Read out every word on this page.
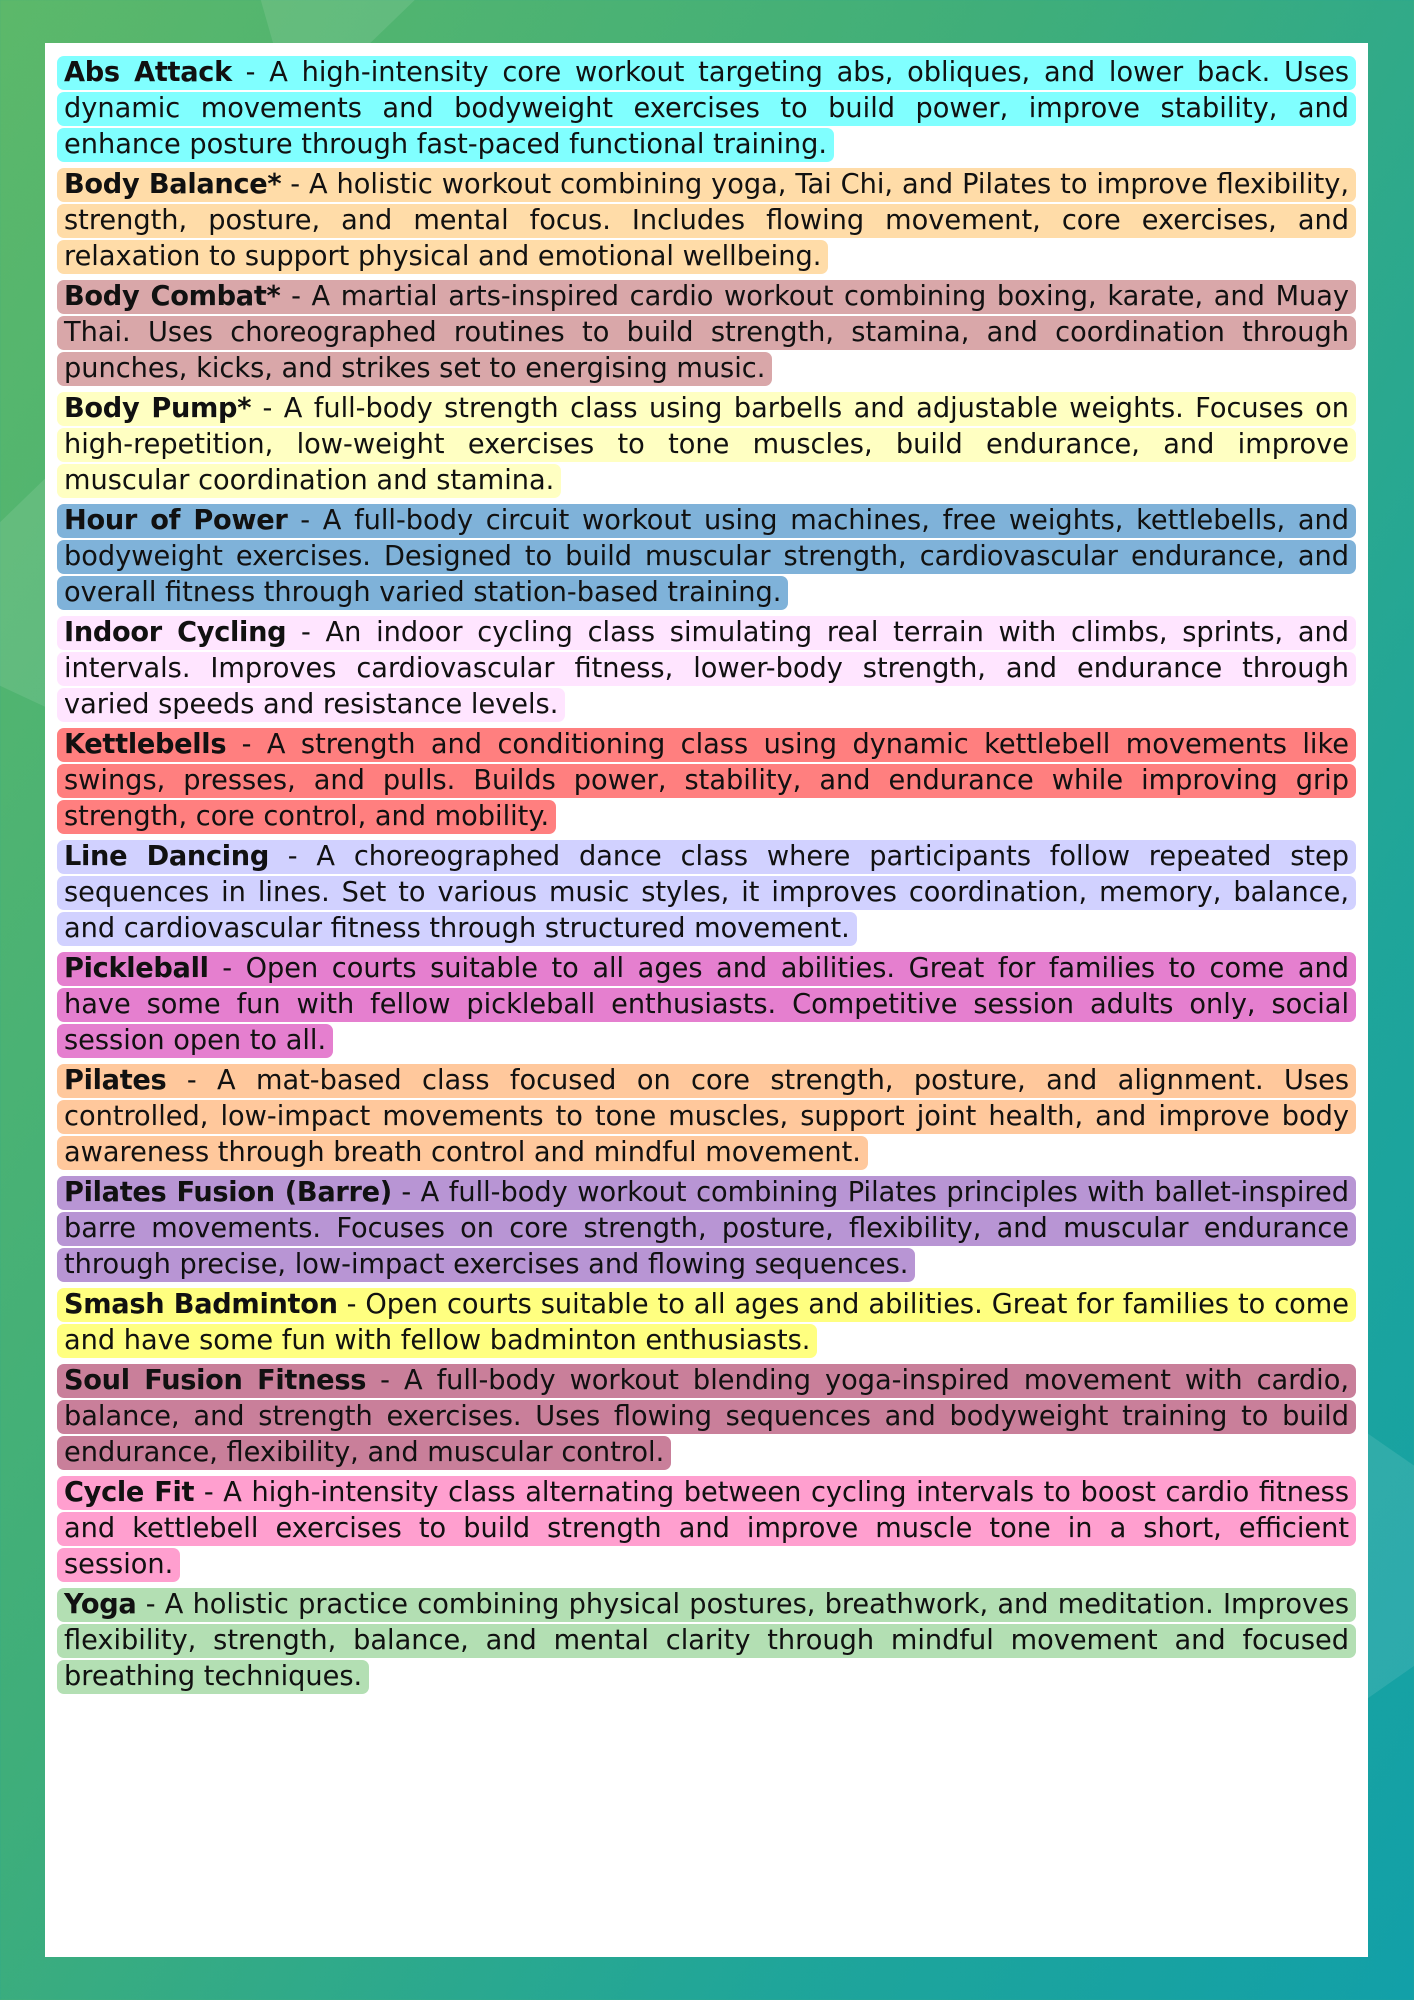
Abs Attack - A high-intensity core workout targeting abs, obliques, and lower back. Uses dynamic movements and bodyweight exercises to build power, improve stability, and enhance posture through fast-paced functional training.
Body Balance* - A holistic workout combining yoga, Tai Chi, and Pilates to improve flexibility, strength, posture, and mental focus. Includes flowing movement, core exercises, and relaxation to support physical and emotional wellbeing.
Body Combat* - A martial arts-inspired cardio workout combining boxing, karate, and Muay Thai. Uses choreographed routines to build strength, stamina, and coordination through punches, kicks, and strikes set to energising music.
Body Pump* - A full-body strength class using barbells and adjustable weights. Focuses on high-repetition, low-weight exercises to tone muscles, build endurance, and improve muscular coordination and stamina.
Hour of Power - A full-body circuit workout using machines, free weights, kettlebells, and bodyweight exercises. Designed to build muscular strength, cardiovascular endurance, and overall fitness through varied station-based training.
Indoor Cycling - An indoor cycling class simulating real terrain with climbs, sprints, and intervals. Improves cardiovascular fitness, lower-body strength, and endurance through varied speeds and resistance levels.
Kettlebells - A strength and conditioning class using dynamic kettlebell movements like swings, presses, and pulls. Builds power, stability, and endurance while improving grip strength, core control, and mobility.
Line Dancing - A choreographed dance class where participants follow repeated step sequences in lines. Set to various music styles, it improves coordination, memory, balance, and cardiovascular fitness through structured movement.
Pickleball - Open courts suitable to all ages and abilities. Great for families to come and have some fun with fellow pickleball enthusiasts. Competitive session adults only, social session open to all.
Pilates - A mat-based class focused on core strength, posture, and alignment. Uses controlled, low-impact movements to tone muscles, support joint health, and improve body awareness through breath control and mindful movement.
Pilates Fusion (Barre) - A full-body workout combining Pilates principles with ballet-inspired barre movements. Focuses on core strength, posture, flexibility, and muscular endurance through precise, low-impact exercises and flowing sequences.
Smash Badminton - Open courts suitable to all ages and abilities. Great for families to come and have some fun with fellow badminton enthusiasts.
Soul Fusion Fitness - A full-body workout blending yoga-inspired movement with cardio, balance, and strength exercises. Uses flowing sequences and bodyweight training to build endurance, flexibility, and muscular control.
Cycle Fit - A high-intensity class alternating between cycling intervals to boost cardio fitness and kettlebell exercises to build strength and improve muscle tone in a short, efficient session.
Yoga - A holistic practice combining physical postures, breathwork, and meditation. Improves flexibility, strength, balance, and mental clarity through mindful movement and focused breathing techniques.
